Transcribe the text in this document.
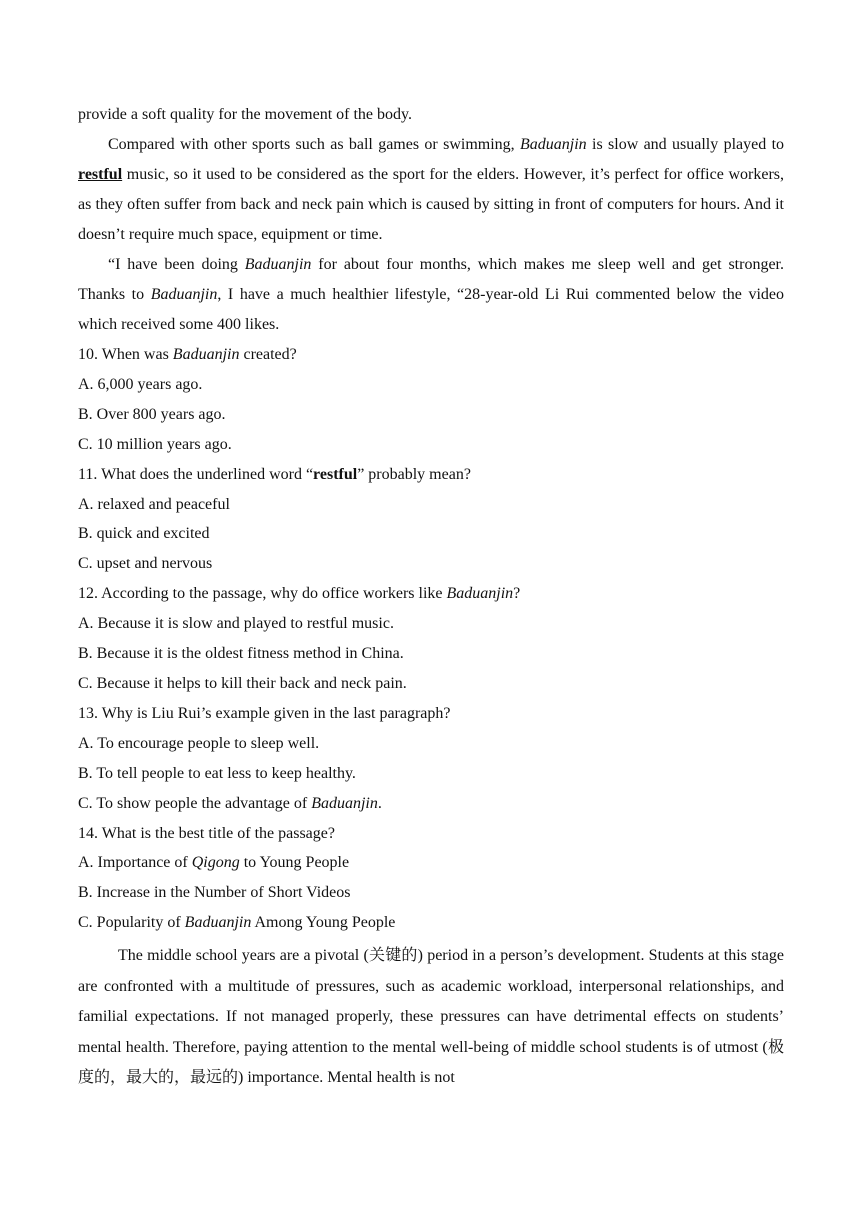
provide a soft quality for the movement of the body.

Compared with other sports such as ball games or swimming, Baduanjin is slow and usually played to restful music, so it used to be considered as the sport for the elders. However, it’s perfect for office workers, as they often suffer from back and neck pain which is caused by sitting in front of computers for hours. And it doesn’t require much space, equipment or time.

“I have been doing Baduanjin for about four months, which makes me sleep well and get stronger. Thanks to Baduanjin, I have a much healthier lifestyle, “28-year-old Li Rui commented below the video which received some 400 likes.

10. When was Baduanjin created?

A. 6,000 years ago.

B. Over 800 years ago.

C. 10 million years ago.

11. What does the underlined word “restful” probably mean?

A. relaxed and peaceful

B. quick and excited

C. upset and nervous

12. According to the passage, why do office workers like Baduanjin?

A. Because it is slow and played to restful music.

B. Because it is the oldest fitness method in China.

C. Because it helps to kill their back and neck pain.

13. Why is Liu Rui’s example given in the last paragraph?

A. To encourage people to sleep well.

B. To tell people to eat less to keep healthy.

C. To show people the advantage of Baduanjin.

14. What is the best title of the passage?

A. Importance of Qigong to Young People

B. Increase in the Number of Short Videos

C. Popularity of Baduanjin Among Young People

The middle school years are a pivotal (关键的) period in a person’s development. Students at this stage are confronted with a multitude of pressures, such as academic workload, interpersonal relationships, and familial expectations. If not managed properly, these pressures can have detrimental effects on students’ mental health. Therefore, paying attention to the mental well-being of middle school students is of utmost (极度的，最大的，最远的) importance. Mental health is not
